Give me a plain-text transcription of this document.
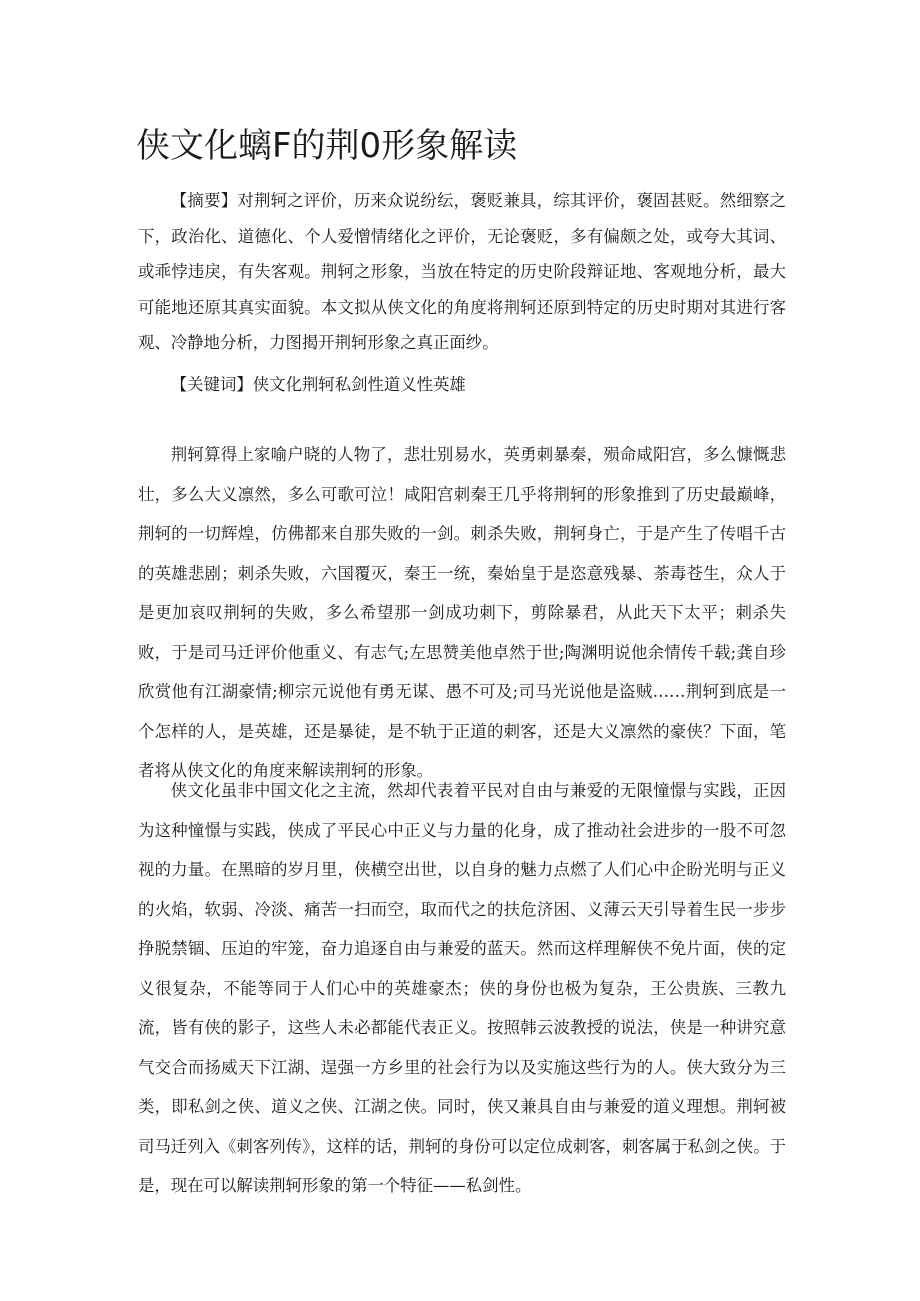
侠文化螭F的荆0形象解读

【摘要】对荆轲之评价，历来众说纷纭，褒贬兼具，综其评价，褒固甚贬。然细察之下，政治化、道德化、个人爱憎情绪化之评价，无论褒贬，多有偏颇之处，或夸大其词、或乖悖违戾，有失客观。荆轲之形象，当放在特定的历史阶段辩证地、客观地分析，最大可能地还原其真实面貌。本文拟从侠文化的角度将荆轲还原到特定的历史时期对其进行客观、冷静地分析，力图揭开荆轲形象之真正面纱。

【关键词】侠文化荆轲私剑性道义性英雄

荆轲算得上家喻户晓的人物了，悲壮别易水，英勇刺暴秦，殒命咸阳宫，多么慷慨悲壮，多么大义凛然，多么可歌可泣！咸阳宫刺秦王几乎将荆轲的形象推到了历史最巅峰，荆轲的一切辉煌，仿佛都来自那失败的一剑。刺杀失败，荆轲身亡，于是产生了传唱千古的英雄悲剧；刺杀失败，六国覆灭，秦王一统，秦始皇于是恣意残暴、荼毒苍生，众人于是更加哀叹荆轲的失败，多么希望那一剑成功刺下，剪除暴君，从此天下太平；刺杀失败，于是司马迁评价他重义、有志气;左思赞美他卓然于世;陶渊明说他余情传千载;龚自珍欣赏他有江湖豪情;柳宗元说他有勇无谋、愚不可及;司马光说他是盗贼……荆轲到底是一个怎样的人，是英雄，还是暴徒，是不轨于正道的刺客，还是大义凛然的豪侠？下面，笔者将从侠文化的角度来解读荆轲的形象。

侠文化虽非中国文化之主流，然却代表着平民对自由与兼爱的无限憧憬与实践，正因为这种憧憬与实践，侠成了平民心中正义与力量的化身，成了推动社会进步的一股不可忽视的力量。在黑暗的岁月里，侠横空出世，以自身的魅力点燃了人们心中企盼光明与正义的火焰，软弱、冷淡、痛苦一扫而空，取而代之的扶危济困、义薄云天引导着生民一步步挣脱禁锢、压迫的牢笼，奋力追逐自由与兼爱的蓝天。然而这样理解侠不免片面，侠的定义很复杂，不能等同于人们心中的英雄豪杰；侠的身份也极为复杂，王公贵族、三教九流，皆有侠的影子，这些人未必都能代表正义。按照韩云波教授的说法，侠是一种讲究意气交合而扬威天下江湖、逞强一方乡里的社会行为以及实施这些行为的人。侠大致分为三类，即私剑之侠、道义之侠、江湖之侠。同时，侠又兼具自由与兼爱的道义理想。荆轲被司马迁列入《刺客列传》，这样的话，荆轲的身份可以定位成刺客，刺客属于私剑之侠。于是，现在可以解读荆轲形象的第一个特征——私剑性。
